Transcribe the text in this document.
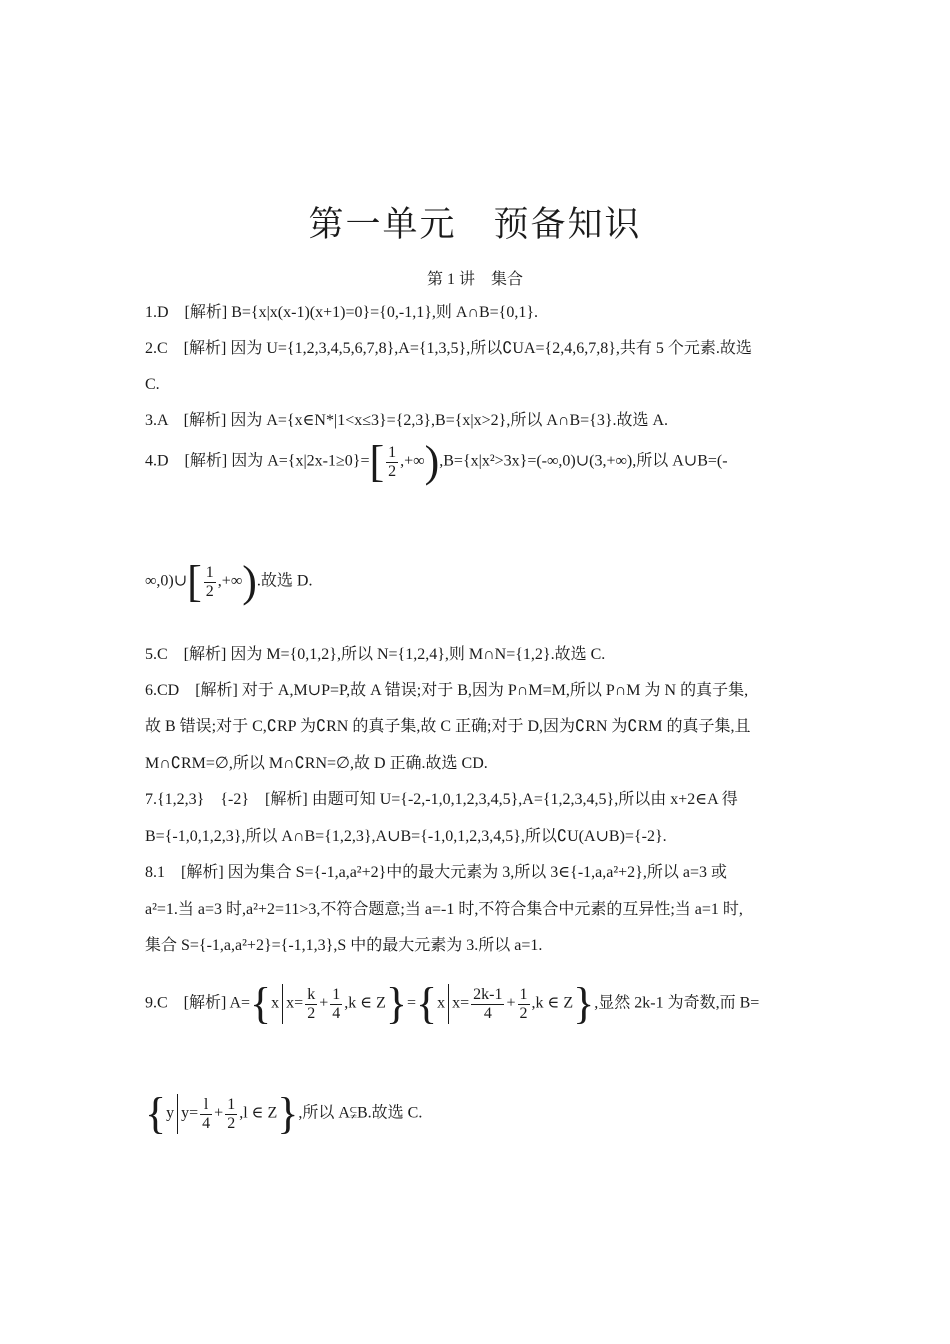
第一单元　预备知识
第 1 讲　集合
1.D　[解析] B={x|x(x-1)(x+1)=0}={0,-1,1},则 A∩B={0,1}.
2.C　[解析] 因为 U={1,2,3,4,5,6,7,8},A={1,3,5},所以∁UA={2,4,6,7,8},共有 5 个元素.故选
C.
3.A　[解析] 因为 A={x∈N*|1<x≤3}={2,3},B={x|x>2},所以 A∩B={3}.故选 A.
4.D　[解析] 因为 $A=\{x|2x-1\ge 0\}=[ \frac{1}{2}$ ,+∞),B={x|x²>3x}=(-∞,0)∪(3,+∞),所以 A∪B=(-
∞,0)∪[ $\frac{1}{2}$ ,+∞).故选 D.
5.C　[解析] 因为 M={0,1,2},所以 N={1,2,4},则 M∩N={1,2}.故选 C.
6.CD　[解析] 对于 A,M∪P=P,故 A 错误;对于 B,因为 P∩M=M,所以 P∩M 为 N 的真子集,
故 B 错误;对于 C,∁RP 为∁RN 的真子集,故 C 正确;对于 D,因为∁RN 为∁RM 的真子集,且
M∩∁RM=∅,所以 M∩∁RN=∅,故 D 正确.故选 CD.
7.{1,2,3}　{-2}　[解析] 由题可知 U={-2,-1,0,1,2,3,4,5},A={1,2,3,4,5},所以由 x+2∈A 得
B={-1,0,1,2,3},所以 A∩B={1,2,3},A∪B={-1,0,1,2,3,4,5},所以∁U(A∪B)={-2}.
8.1　[解析] 因为集合 S={-1,a,a²+2}中的最大元素为 3,所以 3∈{-1,a,a²+2},所以 a=3 或
a²=1.当 a=3 时,a²+2=11>3,不符合题意;当 a=-1 时,不符合集合中元素的互异性;当 a=1 时,
集合 S={-1,a,a²+2}={-1,1,3},S 中的最大元素为 3.所以 a=1.
9.C　[解析] A={x $x= \frac{k}{2} + \frac{1}{4} ,k$ ∈ Z}={x $x= \frac{2k-1}{4} + \frac{1}{2} ,k$ ∈ Z},显然 2k-1 为奇数,而 B=
{y $y= \frac{l}{4} + \frac{1}{2} ,l$ ∈ Z},所以 A⫋B.故选 C.
